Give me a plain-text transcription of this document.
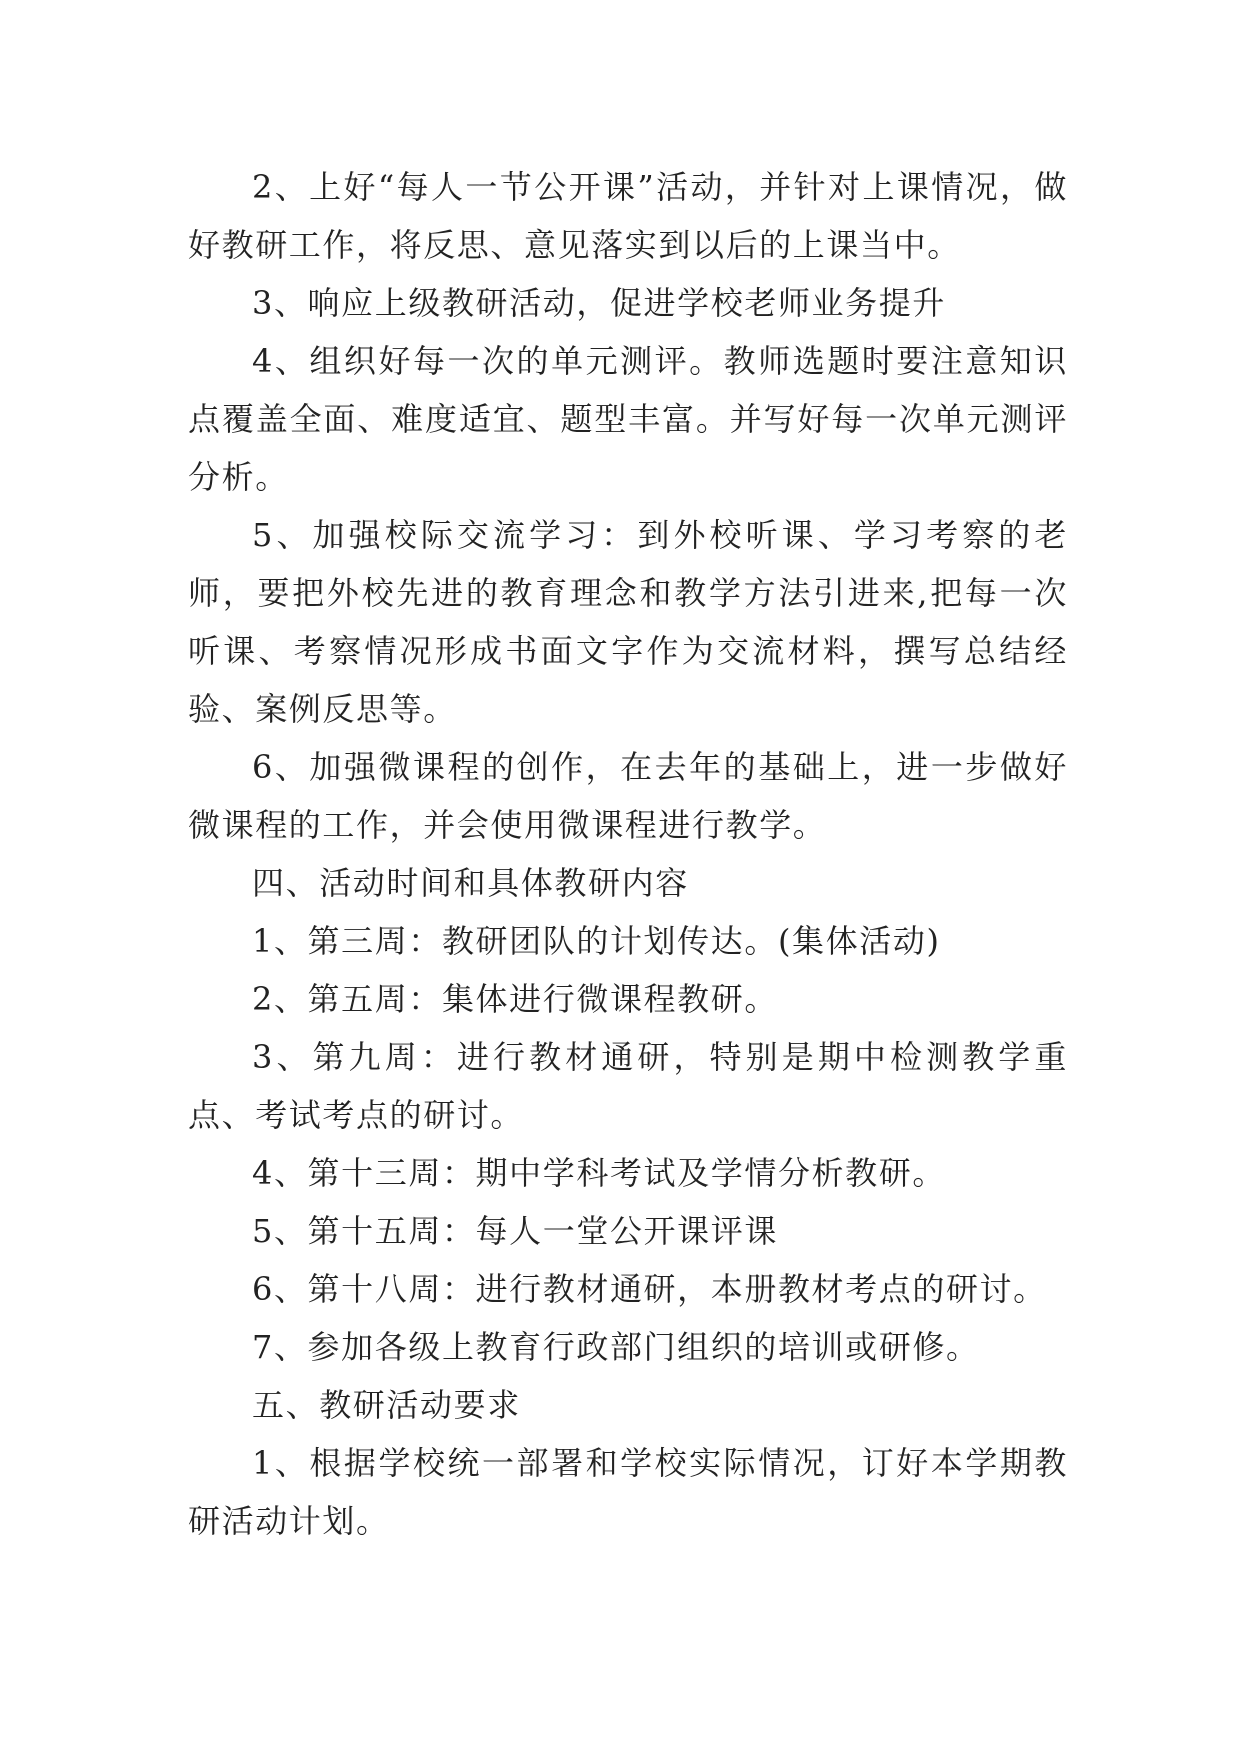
2、上好“每人一节公开课”活动，并针对上课情况，做好教研工作，将反思、意见落实到以后的上课当中。

3、响应上级教研活动，促进学校老师业务提升

4、组织好每一次的单元测评。教师选题时要注意知识点覆盖全面、难度适宜、题型丰富。并写好每一次单元测评分析。

5、加强校际交流学习：到外校听课、学习考察的老师，要把外校先进的教育理念和教学方法引进来,把每一次听课、考察情况形成书面文字作为交流材料，撰写总结经验、案例反思等。

6、加强微课程的创作，在去年的基础上，进一步做好微课程的工作，并会使用微课程进行教学。

四、活动时间和具体教研内容

1、第三周：教研团队的计划传达。(集体活动)

2、第五周：集体进行微课程教研。

3、第九周：进行教材通研，特别是期中检测教学重点、考试考点的研讨。

4、第十三周：期中学科考试及学情分析教研。

5、第十五周：每人一堂公开课评课

6、第十八周：进行教材通研，本册教材考点的研讨。

7、参加各级上教育行政部门组织的培训或研修。

五、教研活动要求

1、根据学校统一部署和学校实际情况，订好本学期教研活动计划。
